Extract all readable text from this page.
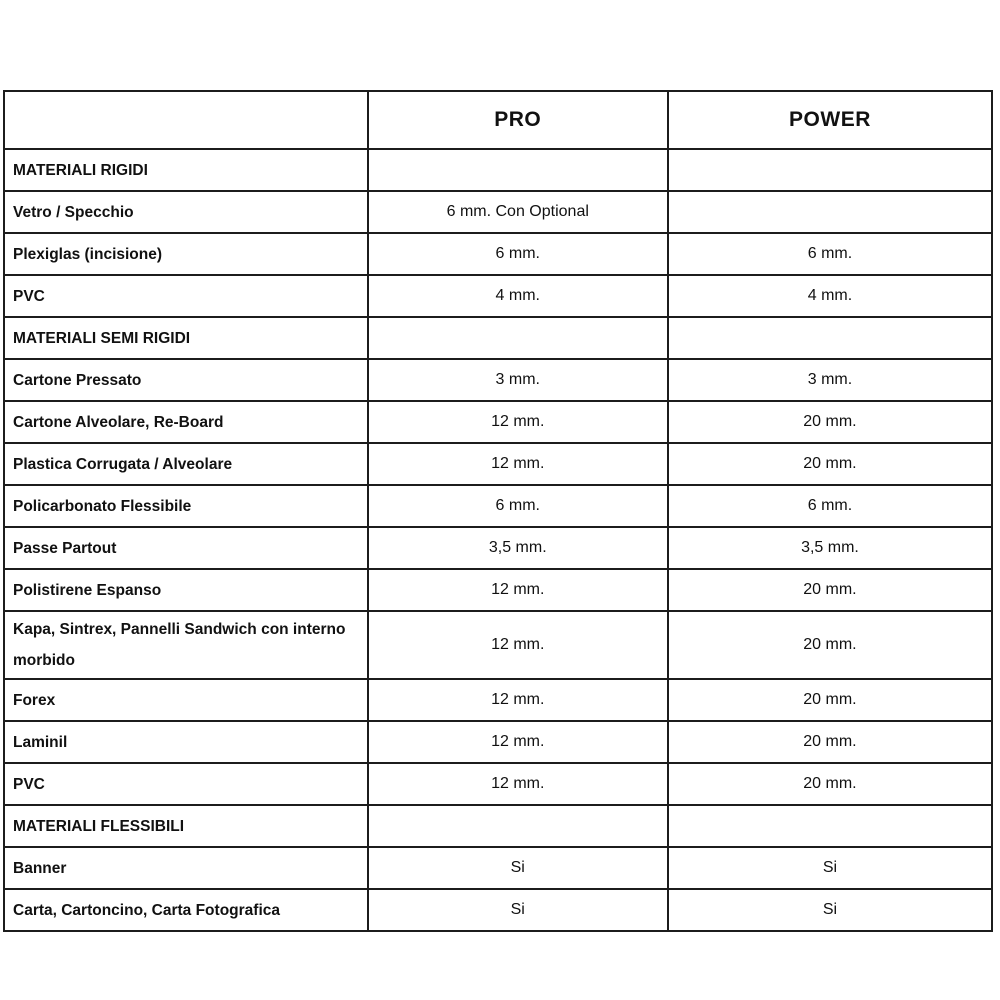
	PRO	POWER
MATERIALI RIGIDI		
Vetro / Specchio	6 mm. Con Optional	
Plexiglas (incisione)	6 mm.	6 mm.
PVC	4 mm.	4 mm.
MATERIALI SEMI RIGIDI		
Cartone Pressato	3 mm.	3 mm.
Cartone Alveolare, Re-Board	12 mm.	20 mm.
Plastica Corrugata / Alveolare	12 mm.	20 mm.
Policarbonato Flessibile	6 mm.	6 mm.
Passe Partout	3,5 mm.	3,5 mm.
Polistirene Espanso	12 mm.	20 mm.
Kapa, Sintrex, Pannelli Sandwich con interno morbido	12 mm.	20 mm.
Forex	12 mm.	20 mm.
Laminil	12 mm.	20 mm.
PVC	12 mm.	20 mm.
MATERIALI FLESSIBILI		
Banner	Si	Si
Carta, Cartoncino, Carta Fotografica	Si	Si
